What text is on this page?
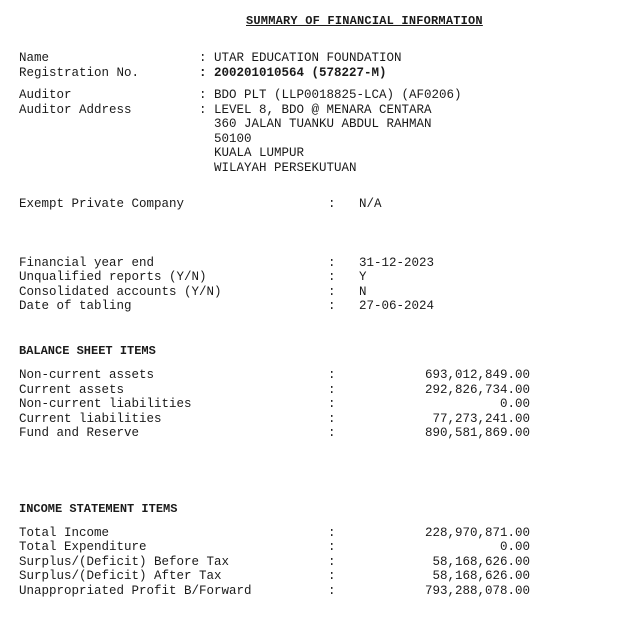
SUMMARY OF FINANCIAL INFORMATION
Name	: UTAR EDUCATION FOUNDATION
Registration No.	: 200201010564 (578227-M)
Auditor	: BDO PLT (LLP0018825-LCA) (AF0206)
Auditor Address	: LEVEL 8, BDO @ MENARA CENTARA
360 JALAN TUANKU ABDUL RAHMAN
50100
KUALA LUMPUR
WILAYAH PERSEKUTUAN
Exempt Private Company	: N/A
Financial year end	: 31-12-2023
Unqualified reports (Y/N)	: Y
Consolidated accounts (Y/N)	: N
Date of tabling	: 27-06-2024
BALANCE SHEET ITEMS
Non-current assets	:	693,012,849.00
Current assets	:	292,826,734.00
Non-current liabilities	:	0.00
Current liabilities	:	77,273,241.00
Fund and Reserve	:	890,581,869.00
INCOME STATEMENT ITEMS
Total Income	:	228,970,871.00
Total Expenditure	:	0.00
Surplus/(Deficit) Before Tax	:	58,168,626.00
Surplus/(Deficit) After Tax	:	58,168,626.00
Unappropriated Profit B/Forward	:	793,288,078.00
